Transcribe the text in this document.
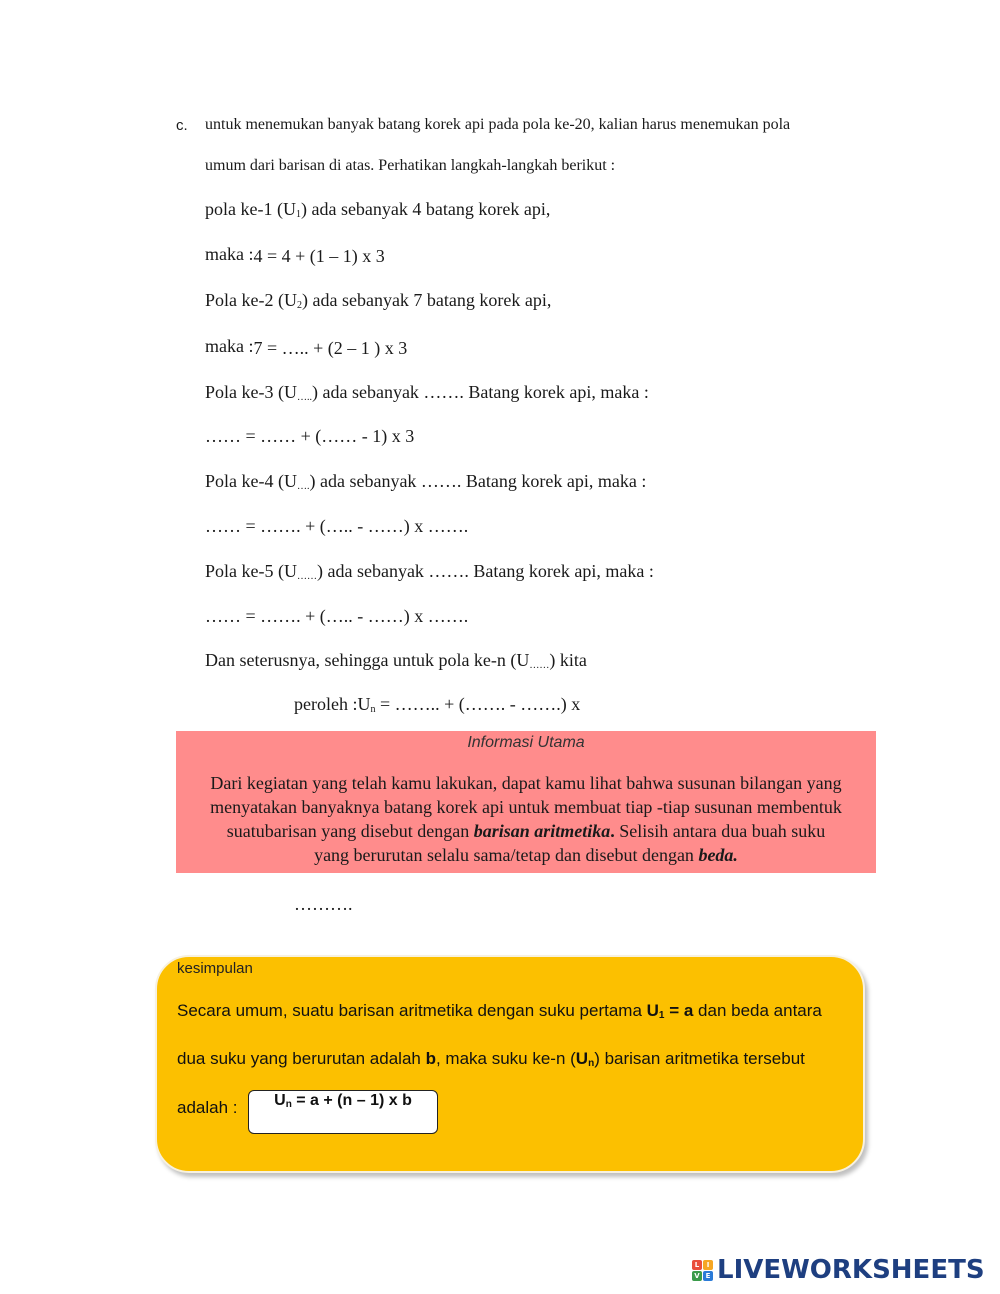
c. untuk menemukan banyak batang korek api pada pola ke-20, kalian harus menemukan pola
umum dari barisan di atas. Perhatikan langkah-langkah berikut :
pola ke-1 $(U_1)$ ada sebanyak 4 batang korek api,
maka :4 = 4 + (1 – 1) x 3
Pola ke-2 $(U_2)$ ada sebanyak 7 batang korek api,
maka :7 = ….. + (2 – 1 ) x 3
Pola ke-3 $(U_{\dots..})$ ada sebanyak ……. Batang korek api, maka :
…… = …… + (…… - 1) x 3
Pola ke-4 $(U_{\dots.})$ ada sebanyak ……. Batang korek api, maka :
…… = ……. + (….. - ……) x …….
Pola ke-5 $(U_{\dots\dots})$ ada sebanyak ……. Batang korek api, maka :
…… = ……. + (….. - ……) x …….
Dan seterusnya, sehingga untuk pola ke-n $(U_{\dots\dots})$ kita
peroleh $:U_n$ = …….. + (……. - …….) x
Informasi Utama
Dari kegiatan yang telah kamu lakukan, dapat kamu lihat bahwa susunan bilangan yang
menyatakan banyaknya batang korek api untuk membuat tiap -tiap susunan membentuk
suatubarisan yang disebut dengan barisan aritmetika. Selisih antara dua buah suku
yang berurutan selalu sama/tetap dan disebut dengan beda.
……….
kesimpulan
Secara umum, suatu barisan aritmetika dengan suku pertama $U_1 = a$ dan beda antara
dua suku yang berurutan adalah b, maka suku ke-n $(U_n)$ barisan aritmetika tersebut
adalah :	$U_n = a + (n - 1)$ x b
L	I
V E LIVEWORKSHEETS
